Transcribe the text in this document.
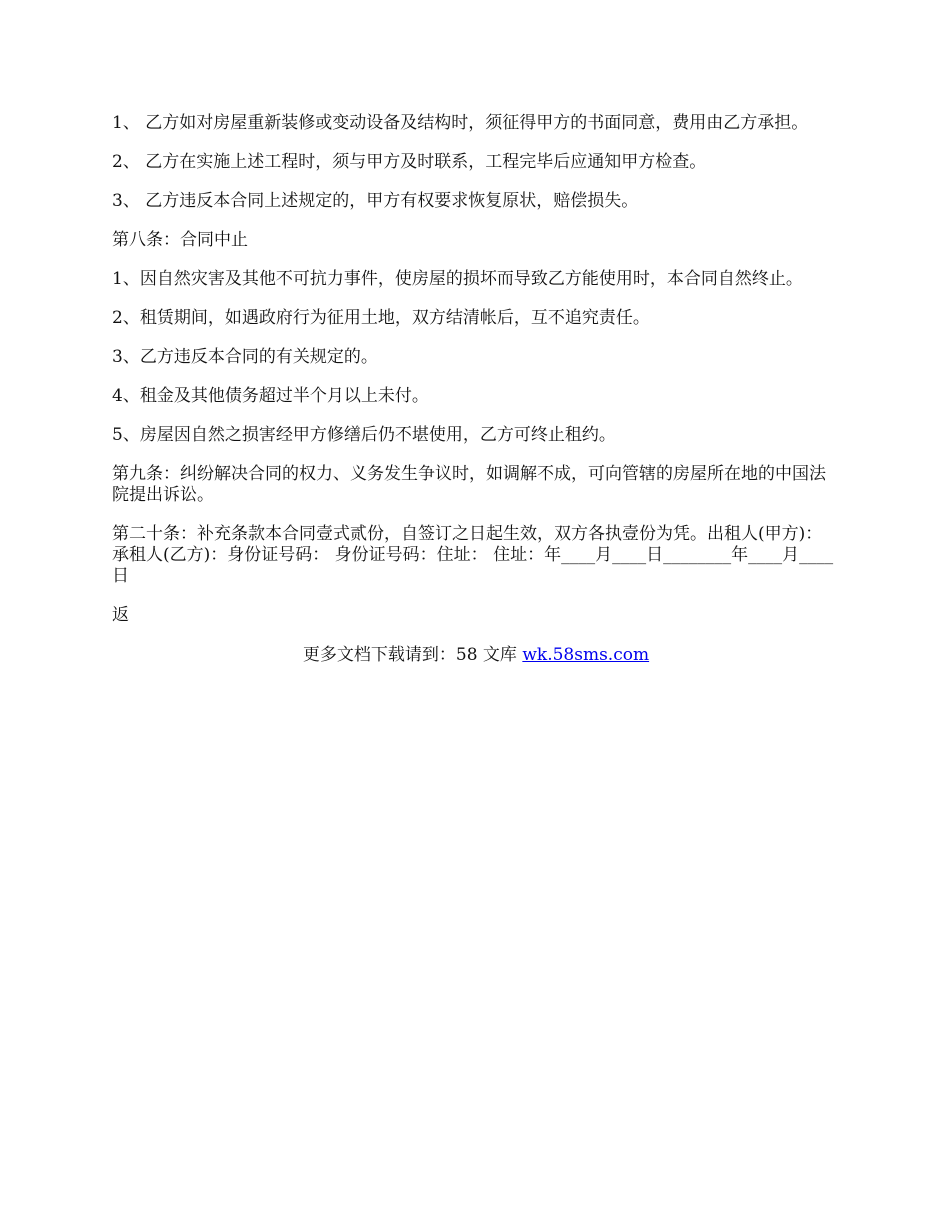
1、 乙方如对房屋重新装修或变动设备及结构时，须征得甲方的书面同意，费用由乙方承担。

2、 乙方在实施上述工程时，须与甲方及时联系，工程完毕后应通知甲方检查。

3、 乙方违反本合同上述规定的，甲方有权要求恢复原状，赔偿损失。

第八条：合同中止

1、因自然灾害及其他不可抗力事件，使房屋的损坏而导致乙方能使用时，本合同自然终止。

2、租赁期间，如遇政府行为征用土地，双方结清帐后，互不追究责任。

3、乙方违反本合同的有关规定的。

4、租金及其他债务超过半个月以上未付。

5、房屋因自然之损害经甲方修缮后仍不堪使用，乙方可终止租约。

第九条：纠纷解决合同的权力、义务发生争议时，如调解不成，可向管辖的房屋所在地的中国法院提出诉讼。

第二十条：补充条款本合同壹式贰份，自签订之日起生效，双方各执壹份为凭。出租人(甲方)： 承租人(乙方)：身份证号码： 身份证号码：住址： 住址：年____月____日________年____月____日

返
更多文档下载请到：58 文库 wk.58sms.com
